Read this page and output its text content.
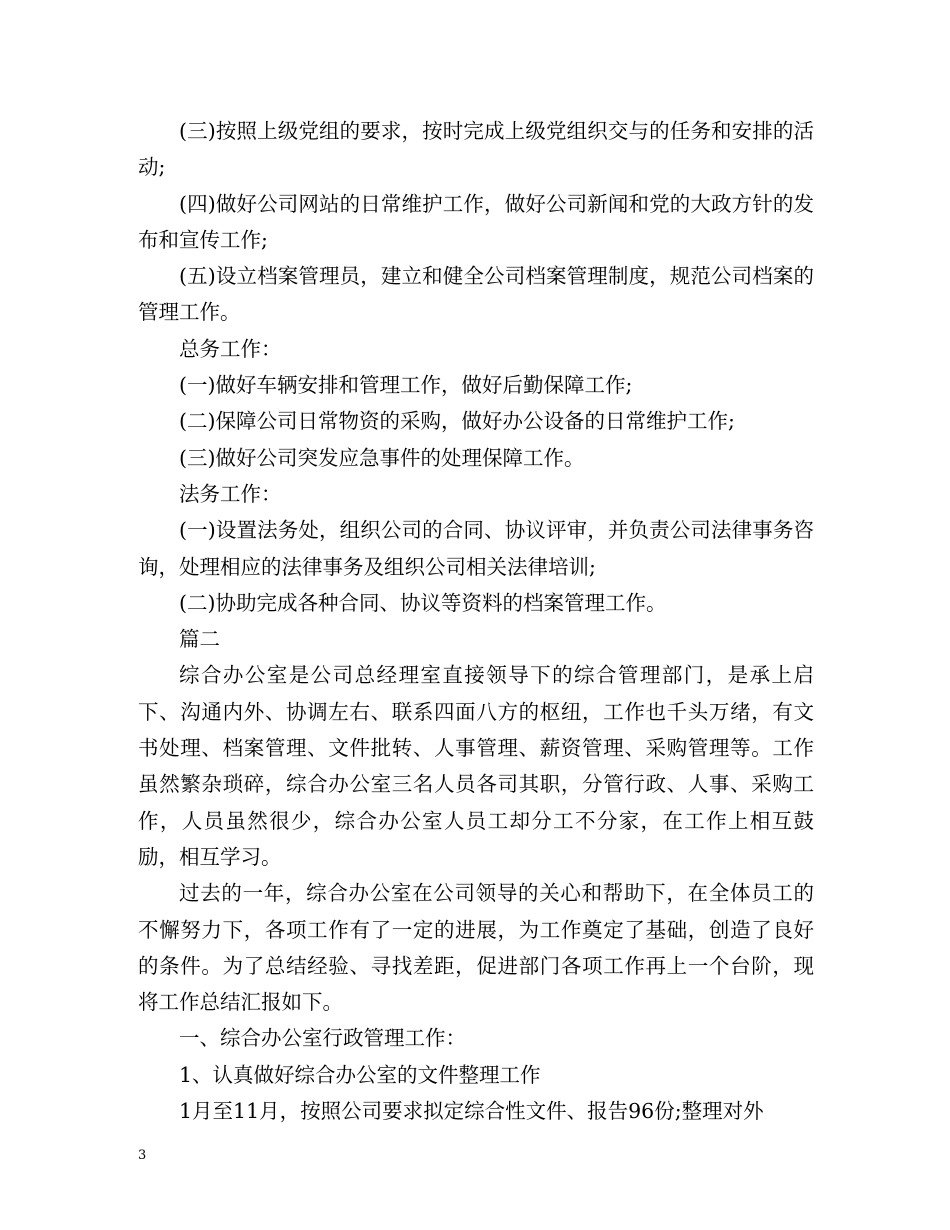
(三)按照上级党组的要求，按时完成上级党组织交与的任务和安排的活动;

(四)做好公司网站的日常维护工作，做好公司新闻和党的大政方针的发布和宣传工作;

(五)设立档案管理员，建立和健全公司档案管理制度，规范公司档案的管理工作。

总务工作：

(一)做好车辆安排和管理工作，做好后勤保障工作;

(二)保障公司日常物资的采购，做好办公设备的日常维护工作;

(三)做好公司突发应急事件的处理保障工作。

法务工作：

(一)设置法务处，组织公司的合同、协议评审，并负责公司法律事务咨询，处理相应的法律事务及组织公司相关法律培训;

(二)协助完成各种合同、协议等资料的档案管理工作。

篇二

综合办公室是公司总经理室直接领导下的综合管理部门，是承上启下、沟通内外、协调左右、联系四面八方的枢纽，工作也千头万绪，有文书处理、档案管理、文件批转、人事管理、薪资管理、采购管理等。工作虽然繁杂琐碎，综合办公室三名人员各司其职，分管行政、人事、采购工作，人员虽然很少，综合办公室人员工却分工不分家，在工作上相互鼓励，相互学习。

过去的一年，综合办公室在公司领导的关心和帮助下，在全体员工的不懈努力下，各项工作有了一定的进展，为工作奠定了基础，创造了良好的条件。为了总结经验、寻找差距，促进部门各项工作再上一个台阶，现将工作总结汇报如下。

一、综合办公室行政管理工作：

1、认真做好综合办公室的文件整理工作

1月至11月，按照公司要求拟定综合性文件、报告96份;整理对外

3
